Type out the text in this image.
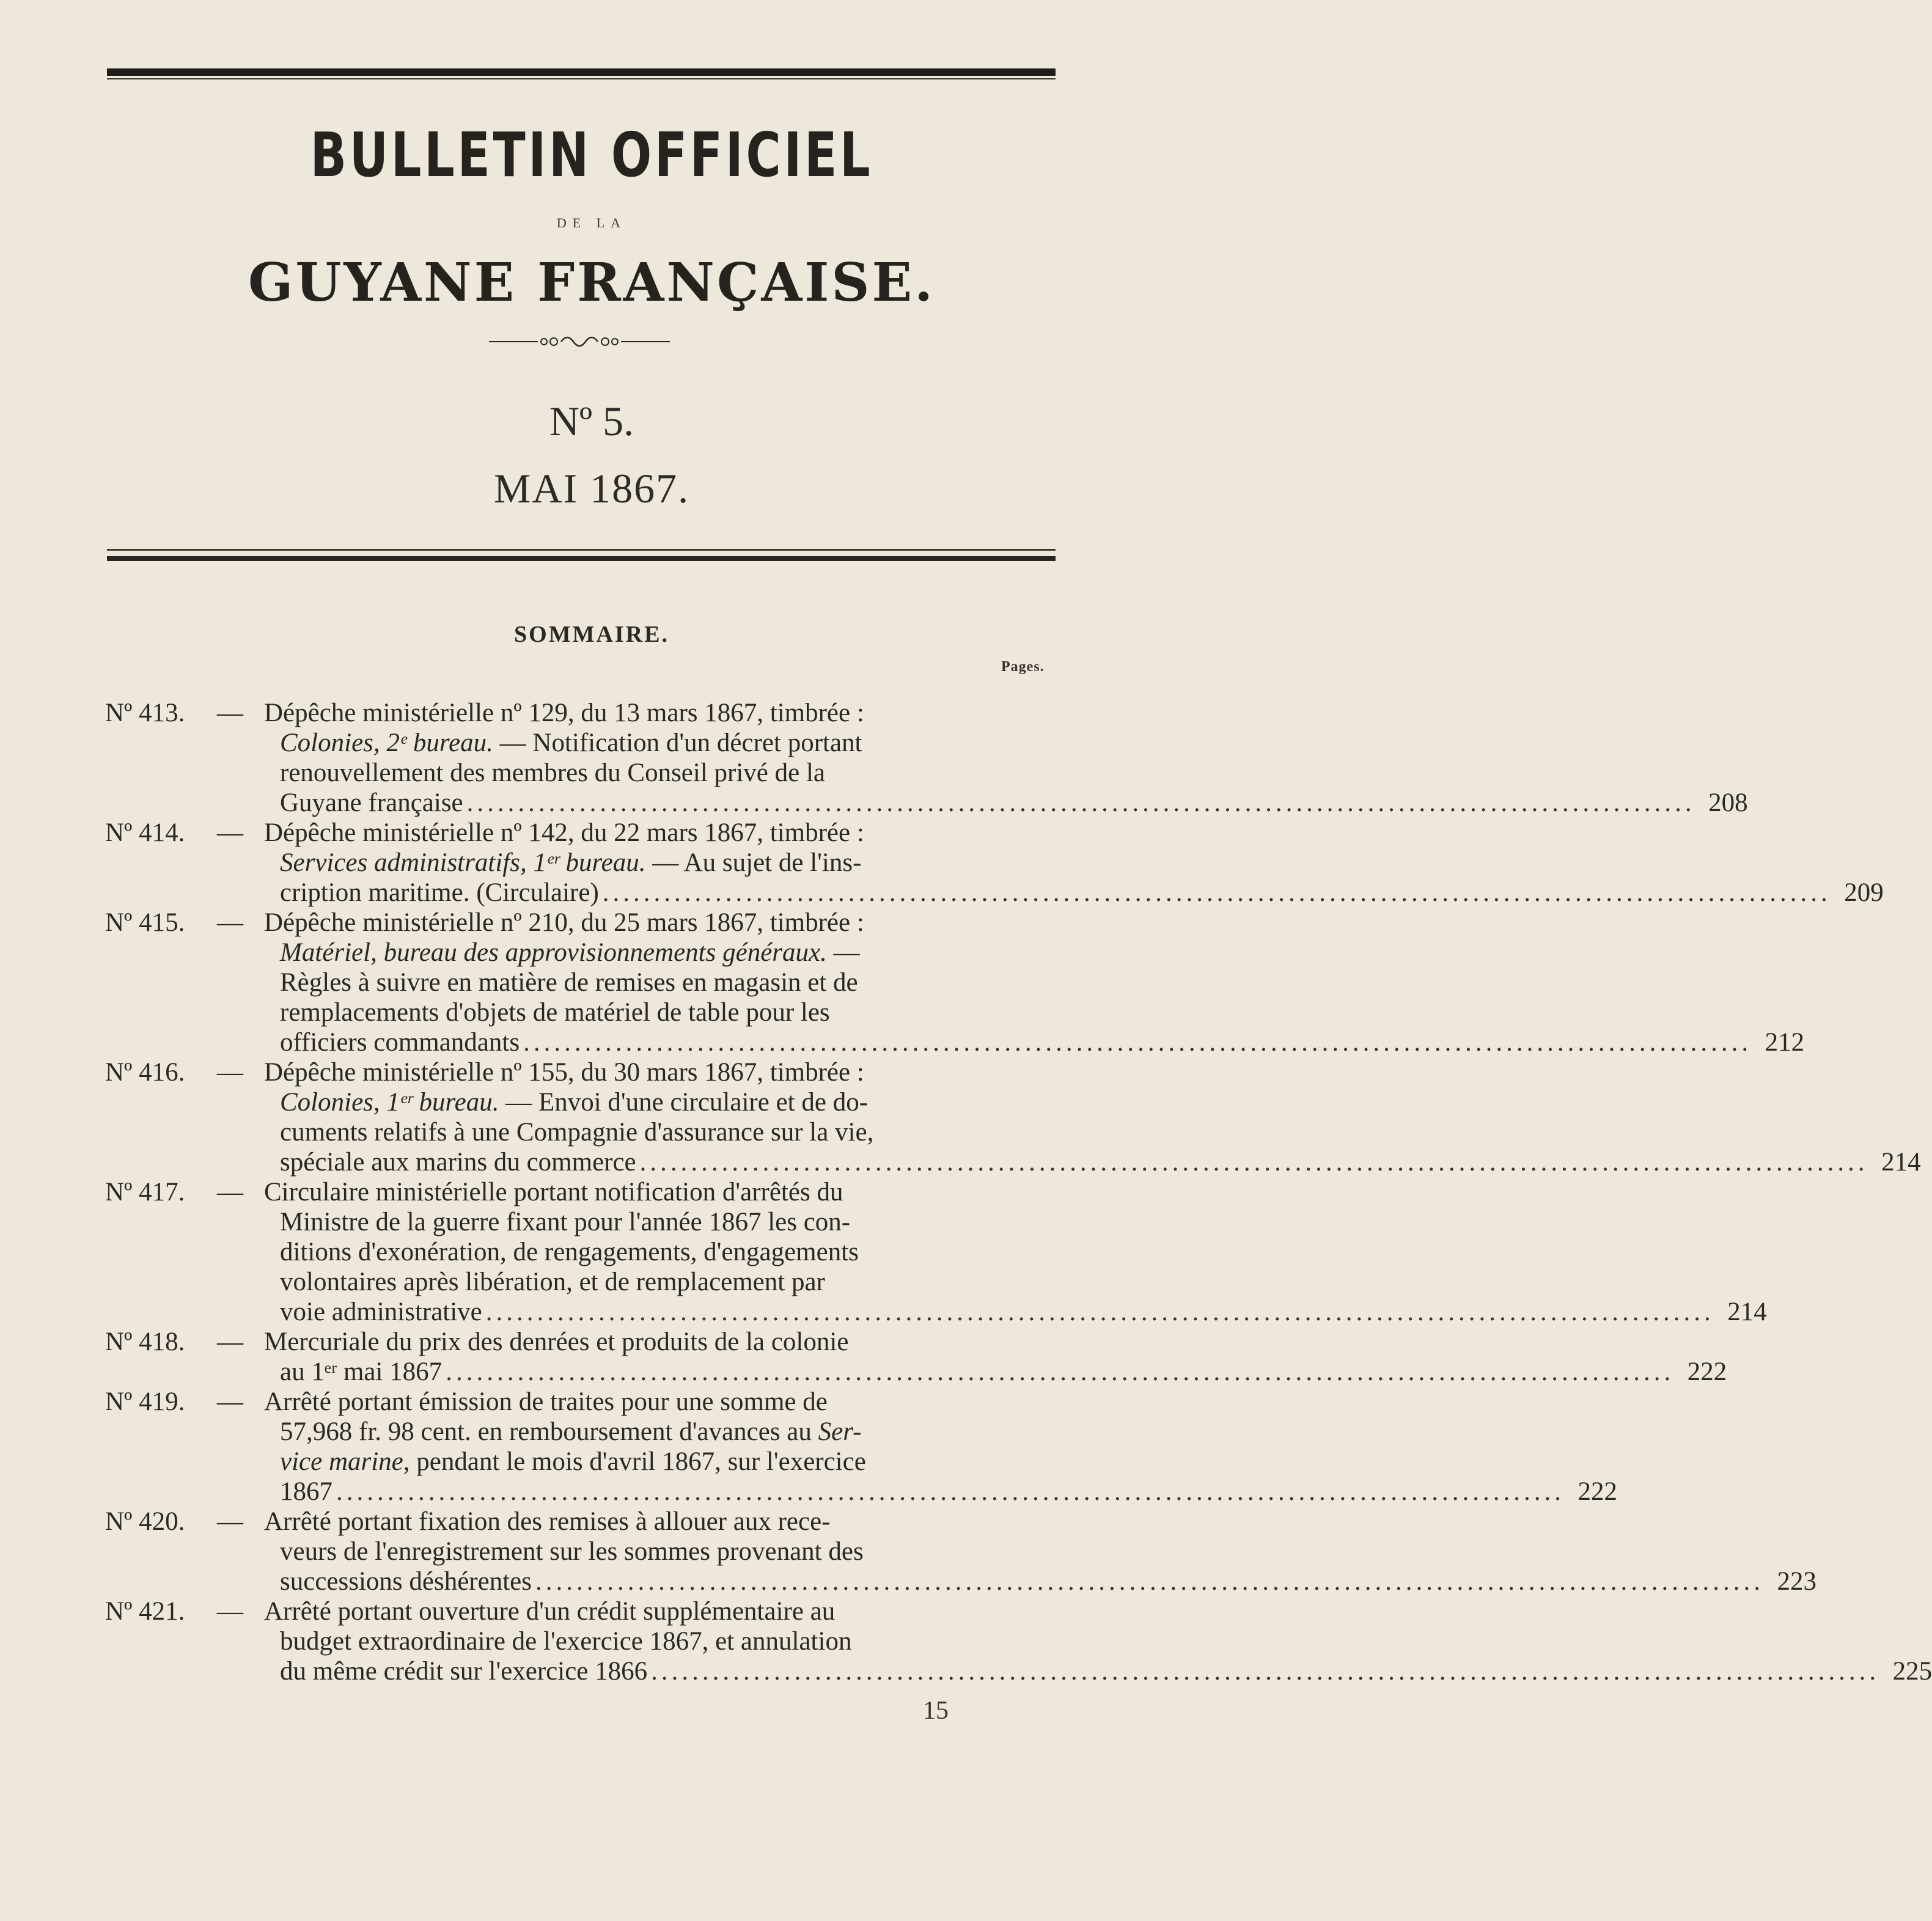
BULLETIN OFFICIEL
DE LA
GUYANE FRANÇAISE.
Nº 5.
MAI 1867.
SOMMAIRE.
Pages.
Nº 413.	— Dépêche ministérielle nº 129, du 13 mars 1867, timbrée :
Colonies, 2ᵉ bureau. — Notification d'un décret portant
renouvellement des membres du Conseil privé de la
Guyane française ........................................................................................................................ 208
Nº 414.	— Dépêche ministérielle nº 142, du 22 mars 1867, timbrée :
Services administratifs, 1ᵉʳ bureau. — Au sujet de l'ins-
cription maritime. (Circulaire) ........................................................................................................................ 209
Nº 415.	— Dépêche ministérielle nº 210, du 25 mars 1867, timbrée :
Matériel, bureau des approvisionnements généraux. —
Règles à suivre en matière de remises en magasin et de
remplacements d'objets de matériel de table pour les
officiers commandants ........................................................................................................................ 212
Nº 416.	— Dépêche ministérielle nº 155, du 30 mars 1867, timbrée :
Colonies, 1ᵉʳ bureau. — Envoi d'une circulaire et de do-
cuments relatifs à une Compagnie d'assurance sur la vie,
spéciale aux marins du commerce ........................................................................................................................ 214
Nº 417.	— Circulaire ministérielle portant notification d'arrêtés du
Ministre de la guerre fixant pour l'année 1867 les con-
ditions d'exonération, de rengagements, d'engagements
volontaires après libération, et de remplacement par
voie administrative ........................................................................................................................ 214
Nº 418.	— Mercuriale du prix des denrées et produits de la colonie
au 1ᵉʳ mai 1867 ........................................................................................................................ 222
Nº 419.	— Arrêté portant émission de traites pour une somme de
57,968 fr. 98 cent. en remboursement d'avances au Ser-
vice marine, pendant le mois d'avril 1867, sur l'exercice
1867 ........................................................................................................................ 222
Nº 420.	— Arrêté portant fixation des remises à allouer aux rece-
veurs de l'enregistrement sur les sommes provenant des
successions déshérentes ........................................................................................................................ 223
Nº 421.	— Arrêté portant ouverture d'un crédit supplémentaire au
budget extraordinaire de l'exercice 1867, et annulation
du même crédit sur l'exercice 1866 ........................................................................................................................ 225
15
